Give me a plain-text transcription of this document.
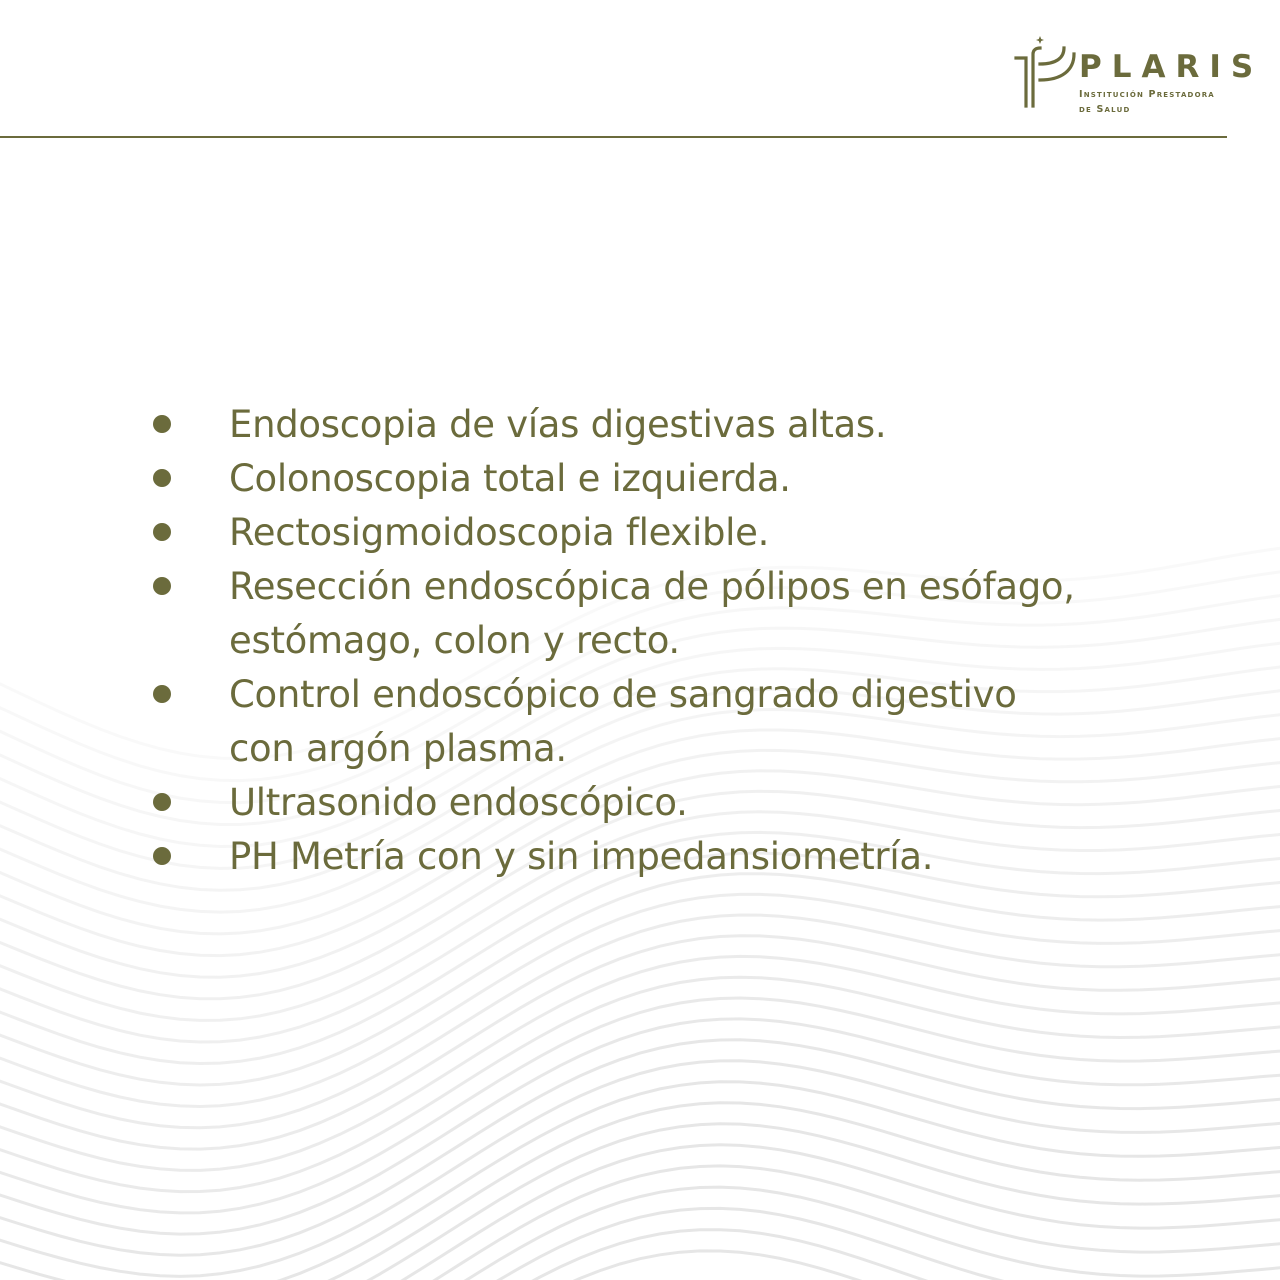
PLARIS
Institución Prestadora
de Salud
Endoscopia de vías digestivas altas.
Colonoscopia total e izquierda.
Rectosigmoidoscopia flexible.
Resección endoscópica de pólipos en esófago,
estómago, colon y recto.
Control endoscópico de sangrado digestivo
con argón plasma.
Ultrasonido endoscópico.
PH Metría con y sin impedansiometría.
